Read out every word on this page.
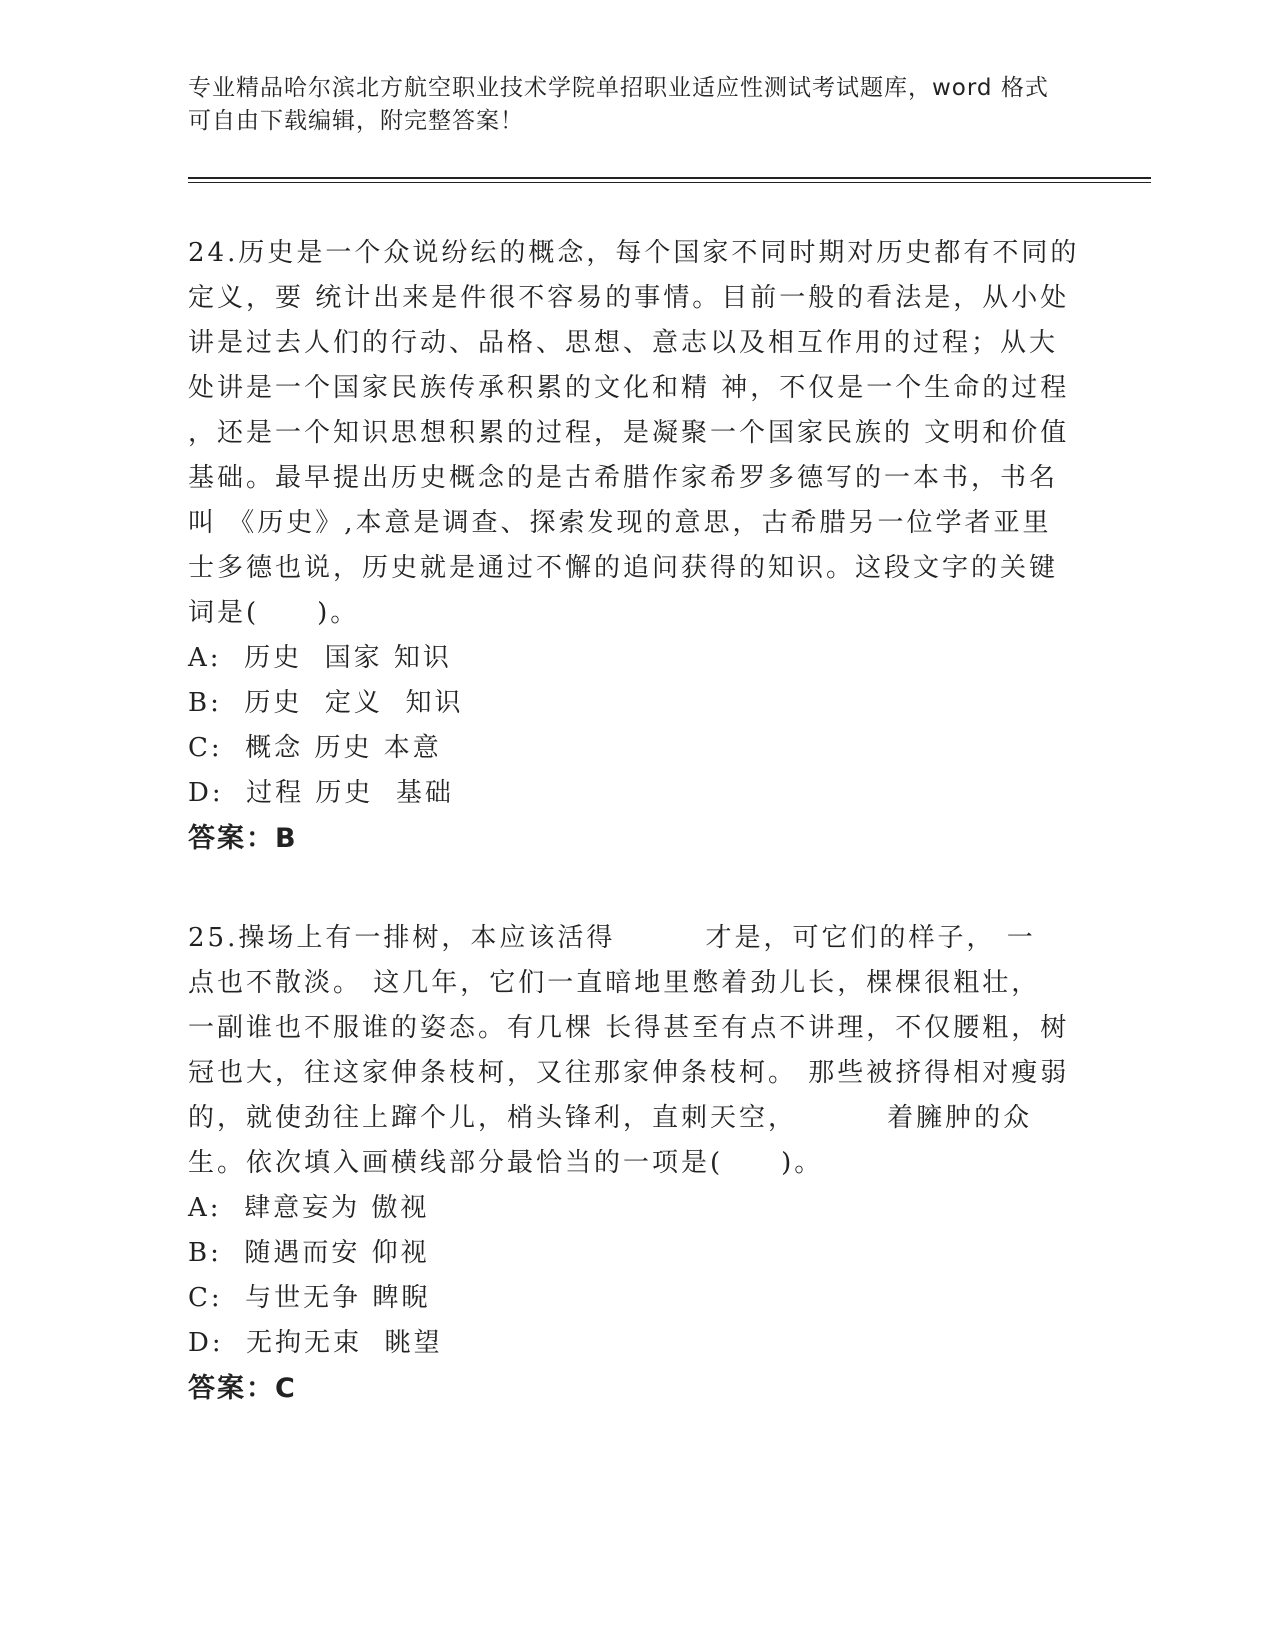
专业精品哈尔滨北方航空职业技术学院单招职业适应性测试考试题库，word 格式
可自由下载编辑，附完整答案！
24.历史是一个众说纷纭的概念，每个国家不同时期对历史都有不同的
定义，要 统计出来是件很不容易的事情。目前一般的看法是，从小处
讲是过去人们的行动、品格、思想、意志以及相互作用的过程；从大
处讲是一个国家民族传承积累的文化和精 神，不仅是一个生命的过程
，还是一个知识思想积累的过程，是凝聚一个国家民族的 文明和价值
基础。最早提出历史概念的是古希腊作家希罗多德写的一本书，书名
叫 《历史》,本意是调查、探索发现的意思，古希腊另一位学者亚里
士多德也说，历史就是通过不懈的追问获得的知识。这段文字的关键
词是(　　)。
A:  历史  国家 知识
B:  历史  定义  知识
C:  概念 历史 本意
D:  过程 历史  基础
答案：B
25.操场上有一排树，本应该活得        才是，可它们的样子， 一
点也不散淡。 这几年，它们一直暗地里憋着劲儿长，棵棵很粗壮，
一副谁也不服谁的姿态。有几棵 长得甚至有点不讲理，不仅腰粗，树
冠也大，往这家伸条枝柯，又往那家伸条枝柯。 那些被挤得相对瘦弱
的，就使劲往上蹿个儿，梢头锋利，直刺天空，        着臃肿的众
生。依次填入画横线部分最恰当的一项是(　　)。
A:  肆意妄为 傲视
B:  随遇而安 仰视
C:  与世无争 睥睨
D:  无拘无束  眺望
答案：C
